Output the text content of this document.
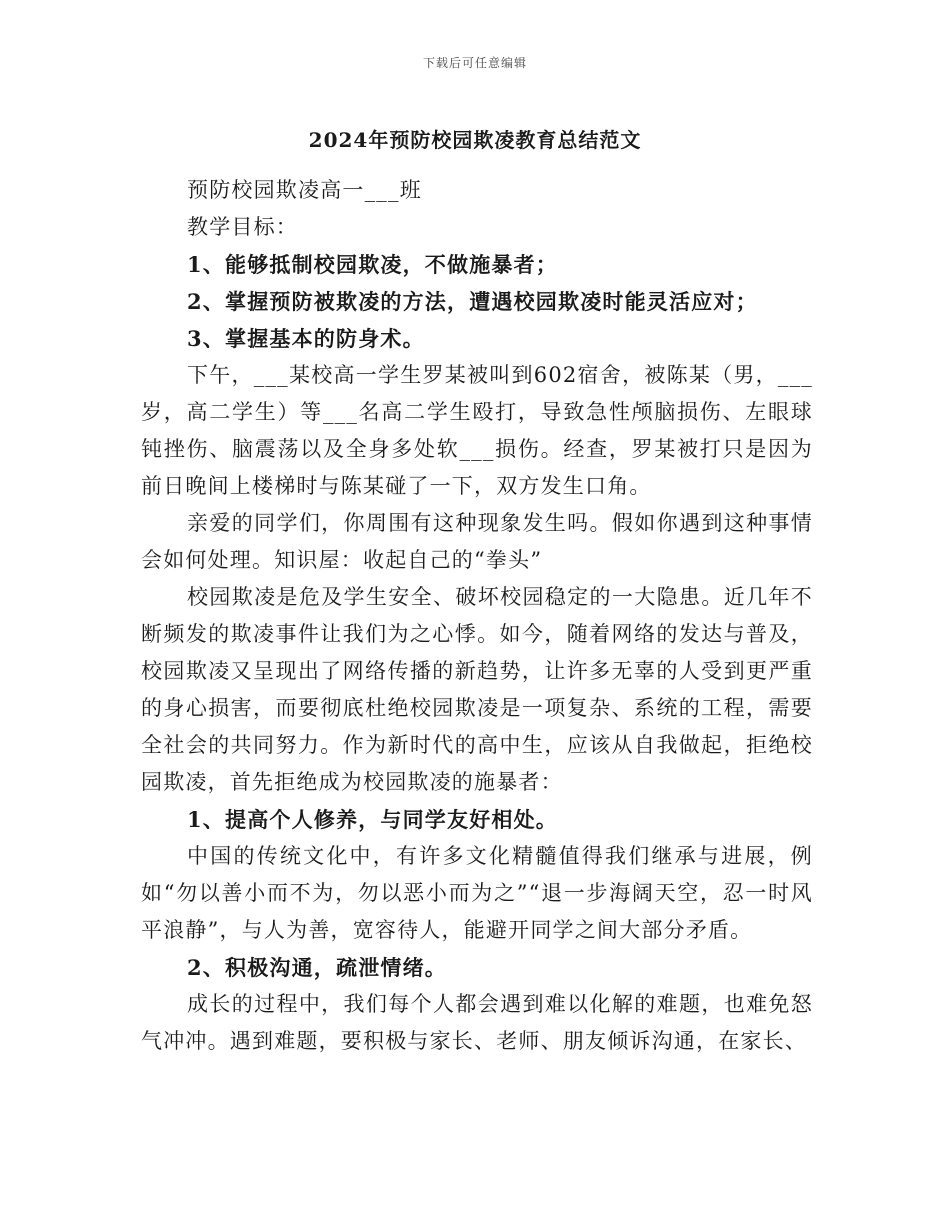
下载后可任意编辑
2024年预防校园欺凌教育总结范文

预防校园欺凌高一___班

教学目标：

1、能够抵制校园欺凌，不做施暴者；

2、掌握预防被欺凌的方法，遭遇校园欺凌时能灵活应对；

3、掌握基本的防身术。

下午，___某校高一学生罗某被叫到602宿舍，被陈某（男，___岁，高二学生）等___名高二学生殴打，导致急性颅脑损伤、左眼球钝挫伤、脑震荡以及全身多处软___损伤。经查，罗某被打只是因为前日晚间上楼梯时与陈某碰了一下，双方发生口角。

亲爱的同学们，你周围有这种现象发生吗。假如你遇到这种事情会如何处理。知识屋：收起自己的“拳头”

校园欺凌是危及学生安全、破坏校园稳定的一大隐患。近几年不断频发的欺凌事件让我们为之心悸。如今，随着网络的发达与普及，校园欺凌又呈现出了网络传播的新趋势，让许多无辜的人受到更严重的身心损害，而要彻底杜绝校园欺凌是一项复杂、系统的工程，需要全社会的共同努力。作为新时代的高中生，应该从自我做起，拒绝校园欺凌，首先拒绝成为校园欺凌的施暴者：

1、提高个人修养，与同学友好相处。

中国的传统文化中，有许多文化精髓值得我们继承与进展，例如“勿以善小而不为，勿以恶小而为之”“退一步海阔天空，忍一时风平浪静”，与人为善，宽容待人，能避开同学之间大部分矛盾。

2、积极沟通，疏泄情绪。

成长的过程中，我们每个人都会遇到难以化解的难题，也难免怒气冲冲。遇到难题，要积极与家长、老师、朋友倾诉沟通，在家长、
